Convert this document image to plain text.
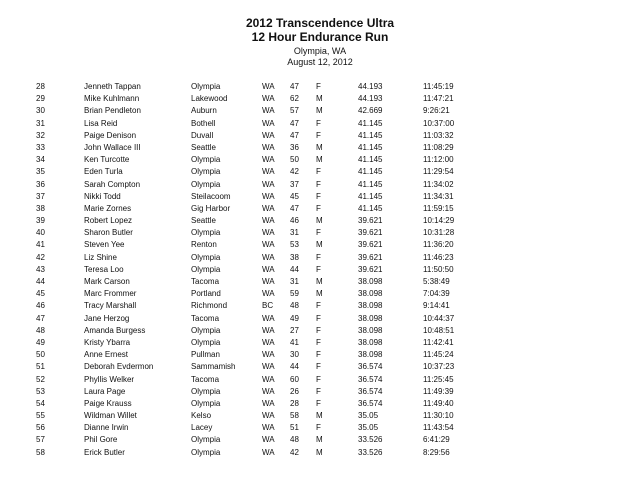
2012 Transcendence Ultra
12 Hour Endurance Run
Olympia, WA
August 12, 2012
28	Jenneth Tappan	Olympia	WA 47 F	44.193	11:45:19
29	Mike Kuhlmann	Lakewood	WA 62 M	44.193	11:47:21
30	Brian Pendleton	Auburn	WA 57 M	42.669	9:26:21
31	Lisa Reid	Bothell	WA 47 F	41.145	10:37:00
32	Paige Denison	Duvall	WA 47 F	41.145	11:03:32
33	John Wallace III	Seattle	WA 36 M	41.145	11:08:29
34	Ken Turcotte	Olympia	WA 50 M	41.145	11:12:00
35	Eden Turla	Olympia	WA 42 F	41.145	11:29:54
36	Sarah Compton	Olympia	WA 37 F	41.145	11:34:02
37	Nikki Todd	Steilacoom	WA 45 F	41.145	11:34:31
38	Marie Zornes	Gig Harbor	WA 47 F	41.145	11:59:15
39	Robert Lopez	Seattle	WA 46 M	39.621	10:14:29
40	Sharon Butler	Olympia	WA 31 F	39.621	10:31:28
41	Steven Yee	Renton	WA 53 M	39.621	11:36:20
42	Liz Shine	Olympia	WA 38 F	39.621	11:46:23
43	Teresa Loo	Olympia	WA 44 F	39.621	11:50:50
44	Mark Carson	Tacoma	WA 31 M	38.098	5:38:49
45	Marc Frommer	Portland	WA 59 M	38.098	7:04:39
46	Tracy Marshall	Richmond	BC 48 F	38.098	9:14:41
47	Jane Herzog	Tacoma	WA 49 F	38.098	10:44:37
48	Amanda Burgess	Olympia	WA 27 F	38.098	10:48:51
49	Kristy Ybarra	Olympia	WA 41 F	38.098	11:42:41
50	Anne Ernest	Pullman	WA 30 F	38.098	11:45:24
51	Deborah Evdermon	Sammamish	WA 44 F	36.574	10:37:23
52	Phyllis Welker	Tacoma	WA 60 F	36.574	11:25:45
53	Laura Page	Olympia	WA 26 F	36.574	11:49:39
54	Paige Krauss	Olympia	WA 28 F	36.574	11:49:40
55	Wildman Willet	Kelso	WA 58 M	35.05	11:30:10
56	Dianne Irwin	Lacey	WA 51 F	35.05	11:43:54
57	Phil Gore	Olympia	WA 48 M	33.526	6:41:29
58	Erick Butler	Olympia	WA 42 M	33.526	8:29:56
